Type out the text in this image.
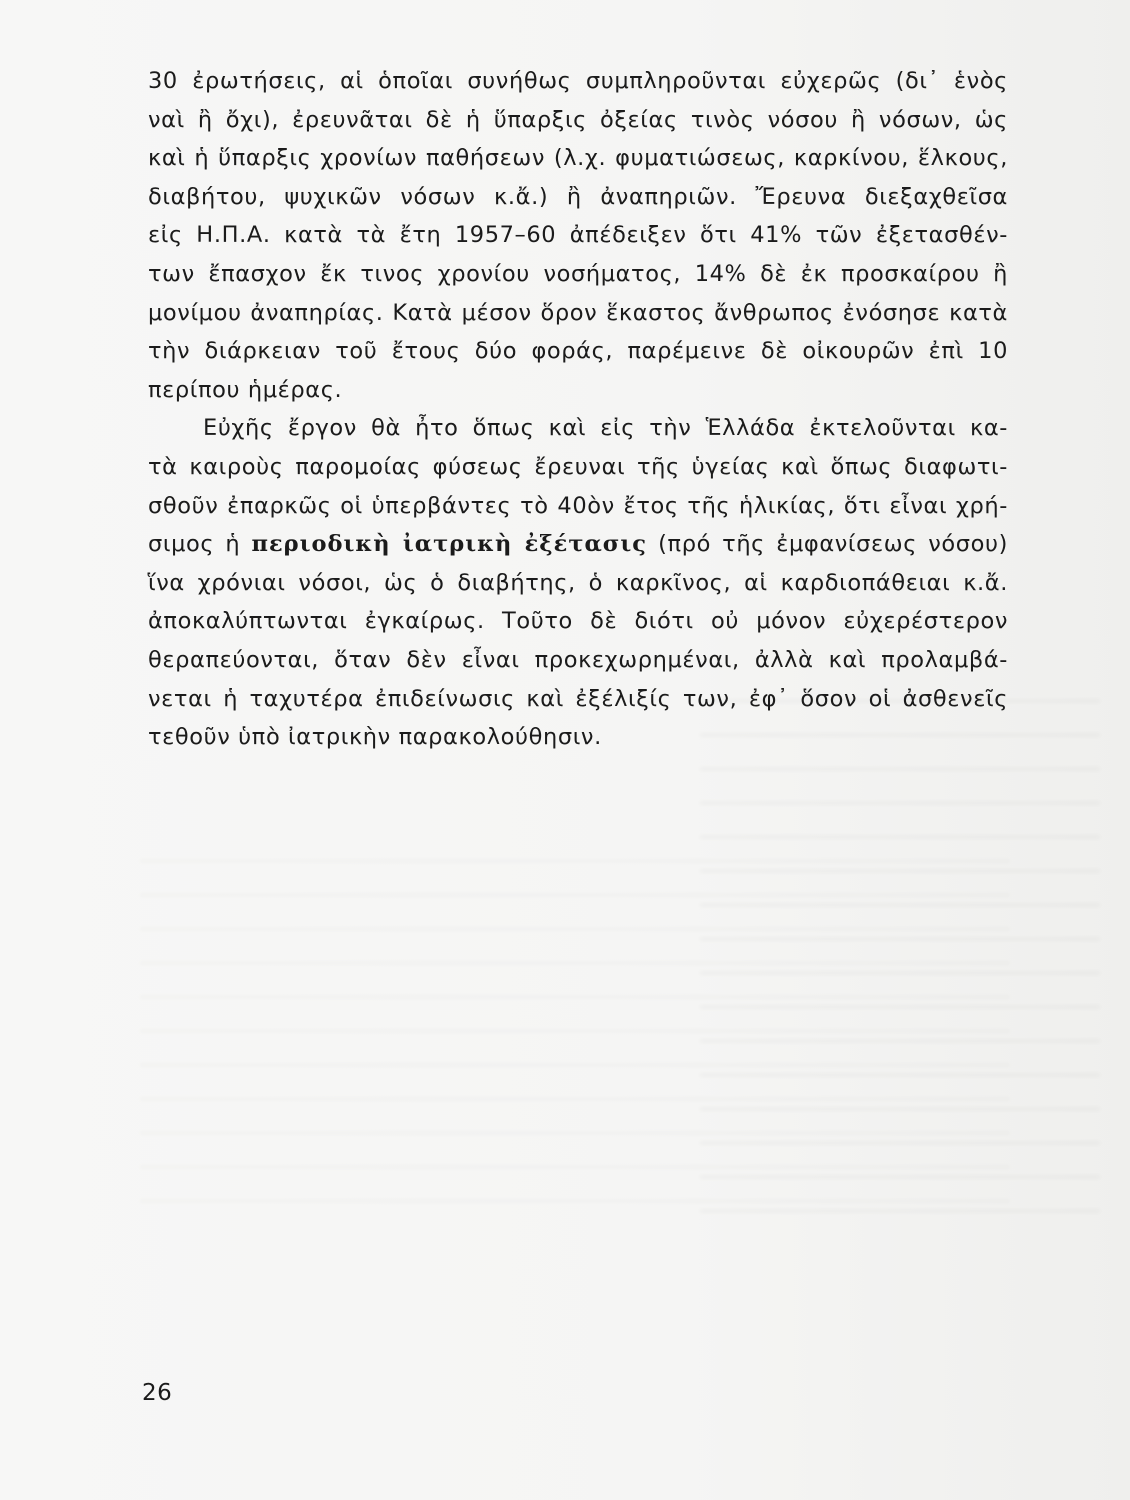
30 ἐρωτήσεις, αἱ ὁποῖαι συνήθως συμπληροῦνται εὐχερῶς (δι᾽ ἑνὸς
ναὶ ἢ ὄχι), ἐρευνᾶται δὲ ἡ ὕπαρξις ὀξείας τινὸς νόσου ἢ νόσων, ὡς
καὶ ἡ ὕπαρξις χρονίων παθήσεων (λ.χ. φυματιώσεως, καρκίνου, ἕλκους,
διαβήτου, ψυχικῶν νόσων κ.ἄ.) ἢ ἀναπηριῶν. Ἔρευνα διεξαχθεῖσα
εἰς Η.Π.Α. κατὰ τὰ ἔτη 1957–60 ἀπέδειξεν ὅτι 41% τῶν ἐξετασθέν-
των ἔπασχον ἔκ τινος χρονίου νοσήματος, 14% δὲ ἐκ προσκαίρου ἢ
μονίμου ἀναπηρίας. Κατὰ μέσον ὅρον ἕκαστος ἄνθρωπος ἐνόσησε κατὰ
τὴν διάρκειαν τοῦ ἔτους δύο φοράς, παρέμεινε δὲ οἰκουρῶν ἐπὶ 10
περίπου ἡμέρας.
Εὐχῆς ἔργον θὰ ἦτο ὅπως καὶ εἰς τὴν Ἑλλάδα ἐκτελοῦνται κα-
τὰ καιροὺς παρομοίας φύσεως ἔρευναι τῆς ὑγείας καὶ ὅπως διαφωτι-
σθοῦν ἐπαρκῶς οἱ ὑπερβάντες τὸ 40ὸν ἔτος τῆς ἡλικίας, ὅτι εἶναι χρή-
σιμος ἡ περιοδικὴ ἰατρικὴ ἐξέτασις (πρό τῆς ἐμφανίσεως νόσου)
ἵνα χρόνιαι νόσοι, ὡς ὁ διαβήτης, ὁ καρκῖνος, αἱ καρδιοπάθειαι κ.ἄ.
ἀποκαλύπτωνται ἐγκαίρως. Τοῦτο δὲ διότι οὐ μόνον εὐχερέστερον
θεραπεύονται, ὅταν δὲν εἶναι προκεχωρημέναι, ἀλλὰ καὶ προλαμβά-
νεται ἡ ταχυτέρα ἐπιδείνωσις καὶ ἐξέλιξίς των, ἐφ᾽ ὅσον οἱ ἀσθενεῖς
τεθοῦν ὑπὸ ἰατρικὴν παρακολούθησιν.
26
